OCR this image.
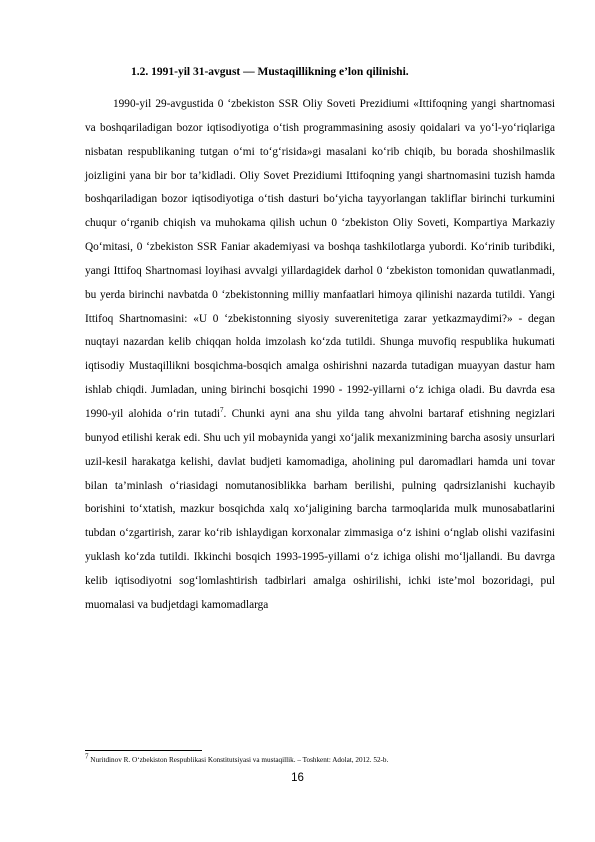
1.2. 1991-yil 31-avgust — Mustaqillikning e’lon qilinishi.

1990-yil 29-avgustida 0 ‘zbekiston SSR Oliy Soveti Prezidiumi «Ittifoqning yangi shartnomasi va boshqariladigan bozor iqtisodiyotiga o‘tish programmasining asosiy qoidalari va yo‘l-yo‘riqlariga nisbatan respublikaning tutgan o‘mi to‘g‘risida»gi masalani ko‘rib chiqib, bu borada shoshilmaslik joizligini yana bir bor ta’kidladi. Oliy Sovet Prezidiumi Ittifoqning yangi shartnomasini tuzish hamda boshqariladigan bozor iqtisodiyotiga o‘tish dasturi bo‘yicha tayyorlangan takliflar birinchi turkumini chuqur o‘rganib chiqish va muhokama qilish uchun 0 ‘zbekiston Oliy Soveti, Kompartiya Markaziy Qo‘mitasi, 0 ‘zbekiston SSR Faniar akademiyasi va boshqa tashkilotlarga yubordi. Ko‘rinib turibdiki, yangi Ittifoq Shartnomasi loyihasi avvalgi yillardagidek darhol 0 ‘zbekiston tomonidan quwatlanmadi, bu yerda birinchi navbatda 0 ‘zbekistonning milliy manfaatlari himoya qilinishi nazarda tutildi. Yangi Ittifoq Shartnomasini: «U 0 ‘zbekistonning siyosiy suverenitetiga zarar yetkazmaydimi?» - degan nuqtayi nazardan kelib chiqqan holda imzolash ko‘zda tutildi. Shunga muvofiq respublika hukumati iqtisodiy Mustaqillikni bosqichma-bosqich amalga oshirishni nazarda tutadigan muayyan dastur ham ishlab chiqdi. Jumladan, uning birinchi bosqichi 1990 - 1992-yillarni o‘z ichiga oladi. Bu davrda esa 1990-yil alohida o‘rin tutadi$^7$. Chunki ayni ana shu yilda tang ahvolni bartaraf etishning negizlari bunyod etilishi kerak edi. Shu uch yil mobaynida yangi xo‘jalik mexanizmining barcha asosiy unsurlari uzil-kesil harakatga kelishi, davlat budjeti kamomadiga, aholining pul daromadlari hamda uni tovar bilan ta’minlash o‘riasidagi nomutanosiblikka barham berilishi, pulning qadrsizlanishi kuchayib borishini to‘xtatish, mazkur bosqichda xalq xo‘jaligining barcha tarmoqlarida mulk munosabatlarini tubdan o‘zgartirish, zarar ko‘rib ishlaydigan korxonalar zimmasiga o‘z ishini o‘nglab olishi vazifasini yuklash ko‘zda tutildi. Ikkinchi bosqich 1993-1995-yillami o‘z ichiga olishi mo‘ljallandi. Bu davrga kelib iqtisodiyotni sog‘lomlashtirish tadbirlari amalga oshirilishi, ichki iste’mol bozoridagi, pul muomalasi va budjetdagi kamomadlarga

$^7$ Nuritdinov R. O‘zbekiston Respublikasi Konstitutsiyasi va mustaqillik. – Toshkent: Adolat, 2012. 52-b.
16
